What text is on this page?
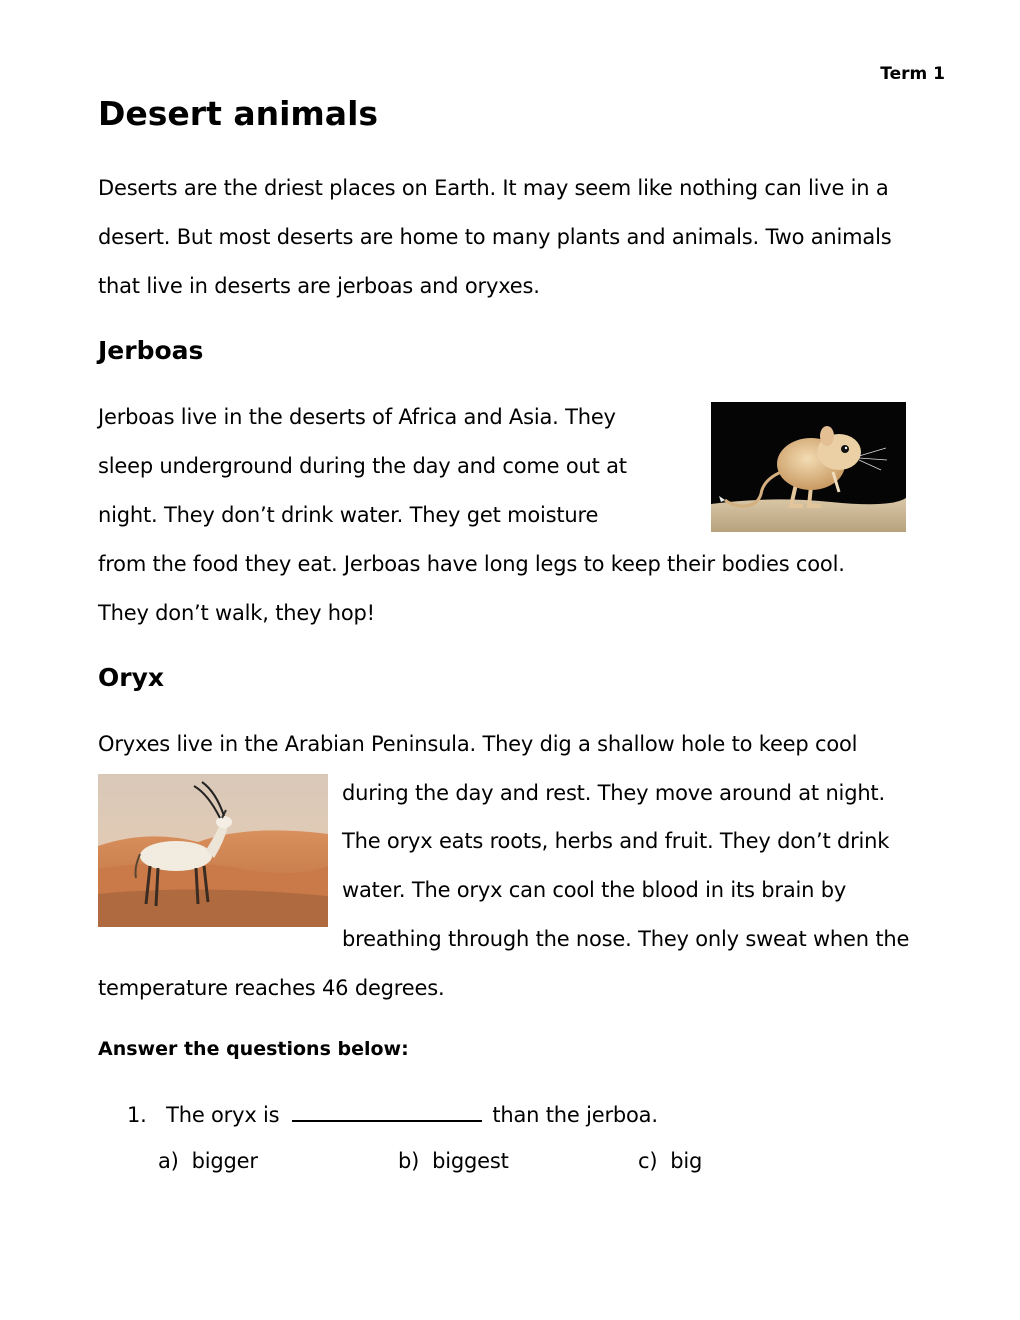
Term 1
Desert animals
Deserts are the driest places on Earth. It may seem like nothing can live in a
desert. But most deserts are home to many plants and animals. Two animals
that live in deserts are jerboas and oryxes.
Jerboas
Jerboas live in the deserts of Africa and Asia. They
sleep underground during the day and come out at
night. They don’t drink water. They get moisture
from the food they eat. Jerboas have long legs to keep their bodies cool.
They don’t walk, they hop!
Oryx
Oryxes live in the Arabian Peninsula. They dig a shallow hole to keep cool
during the day and rest. They move around at night.
The oryx eats roots, herbs and fruit. They don’t drink
water. The oryx can cool the blood in its brain by
breathing through the nose. They only sweat when the
temperature reaches 46 degrees.
Answer the questions below:
1. The oryx is	than the jerboa.
a) bigger	b) biggest	c) big
